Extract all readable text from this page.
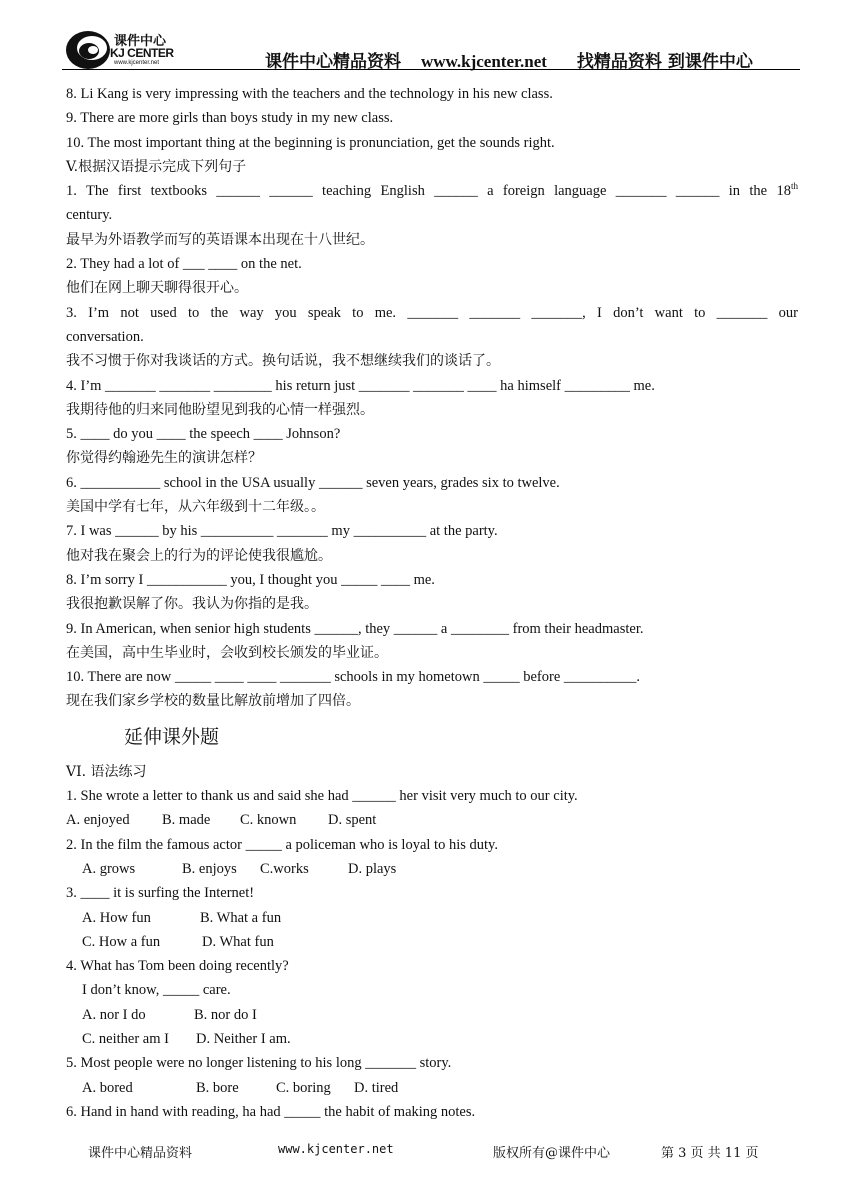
课件中心
KJ CENTER
www.kjcenter.net	课件中心精品资料 www.kjcenter.net 找精品资料 到课件中心
8. Li Kang is very impressing with the teachers and the technology in his new class.
9. There are more girls than boys study in my new class.
10. The most important thing at the beginning is pronunciation, get the sounds right.
V.根据汉语提示完成下列句子
1. The first textbooks ______ ______ teaching English ______ a foreign language _______ ______ in the 18th
century.
最早为外语教学而写的英语课本出现在十八世纪。
2. They had a lot of ___ ____ on the net.
他们在网上聊天聊得很开心。
3. I’m not used to the way you speak to me. _______ _______ _______, I don’t want to _______ our
conversation.
我不习惯于你对我谈话的方式。换句话说，我不想继续我们的谈话了。
4. I’m _______ _______ ________ his return just _______ _______ ____ ha himself _________ me.
我期待他的归来同他盼望见到我的心情一样强烈。
5. ____ do you ____ the speech ____ Johnson?
你觉得约翰逊先生的演讲怎样？
6. ___________ school in the USA usually ______ seven years, grades six to twelve.
美国中学有七年，从六年级到十二年级。。
7. I was ______ by his __________ _______ my __________ at the party.
他对我在聚会上的行为的评论使我很尴尬。
8. I’m sorry I ___________ you, I thought you _____ ____ me.
我很抱歉误解了你。我认为你指的是我。
9. In American, when senior high students ______, they ______ a ________ from their headmaster.
在美国，高中生毕业时，会收到校长颁发的毕业证。
10. There are now _____ ____ ____ _______ schools in my hometown _____ before __________.
现在我们家乡学校的数量比解放前增加了四倍。
延伸课外题
VI. 语法练习
1. She wrote a letter to thank us and said she had ______ her visit very much to our city.
A. enjoyed B. made C. known D. spent
2. In the film the famous actor _____ a policeman who is loyal to his duty.
A. grows	B. enjoys C.works	D. plays
3. ____ it is surfing the Internet!
A. How fun	B. What a fun
C. How a fun	D. What fun
4. What has Tom been doing recently?
I don’t know, _____ care.
A. nor I do	B. nor do I
C. neither am I D. Neither I am.
5. Most people were no longer listening to his long _______ story.
A. bored	B. bore	C. boring D. tired
6. Hand in hand with reading, ha had _____ the habit of making notes.
课件中心精品资料	www.kjcenter.net	版权所有@课件中心	第 3 页 共 11 页
